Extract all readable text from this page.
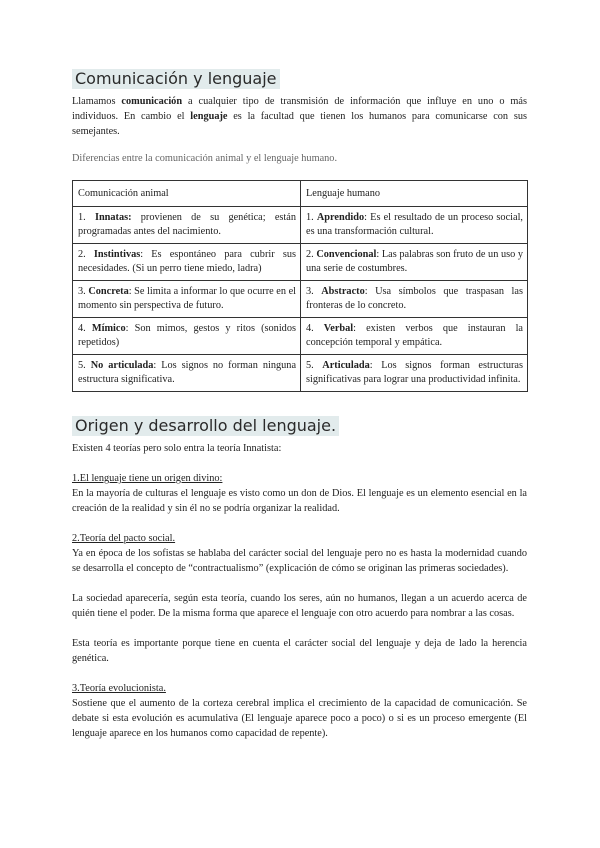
Comunicación y lenguaje

Llamamos comunicación a cualquier tipo de transmisión de información que influye en uno o más individuos. En cambio el lenguaje es la facultad que tienen los humanos para comunicarse con sus semejantes.

Diferencias entre la comunicación animal y el lenguaje humano.

Comunicación animal	Lenguaje humano
1. Innatas: provienen de su genética; están programadas antes del nacimiento.	1. Aprendido: Es el resultado de un proceso social, es una transformación cultural.
2. Instintivas: Es espontáneo para cubrir sus necesidades. (Si un perro tiene miedo, ladra)	2. Convencional: Las palabras son fruto de un uso y una serie de costumbres.
3. Concreta: Se limita a informar lo que ocurre en el momento sin perspectiva de futuro.	3. Abstracto: Usa símbolos que traspasan las fronteras de lo concreto.
4. Mímico: Son mimos, gestos y ritos (sonidos repetidos)	4. Verbal: existen verbos que instauran la concepción temporal y empática.
5. No articulada: Los signos no forman ninguna estructura significativa.	5. Articulada: Los signos forman estructuras significativas para lograr una productividad infinita.
Origen y desarrollo del lenguaje.

Existen 4 teorías pero solo entra la teoría Innatista:

1.El lenguaje tiene un origen divino:

En la mayoría de culturas el lenguaje es visto como un don de Dios. El lenguaje es un elemento esencial en la creación de la realidad y sin él no se podría organizar la realidad.

2.Teoría del pacto social.

Ya en época de los sofistas se hablaba del carácter social del lenguaje pero no es hasta la modernidad cuando se desarrolla el concepto de “contractualismo” (explicación de cómo se originan las primeras sociedades).

La sociedad aparecería, según esta teoría, cuando los seres, aún no humanos, llegan a un acuerdo acerca de quién tiene el poder. De la misma forma que aparece el lenguaje con otro acuerdo para nombrar a las cosas.

Esta teoría es importante porque tiene en cuenta el carácter social del lenguaje y deja de lado la herencia genética.

3.Teoría evolucionista.

Sostiene que el aumento de la corteza cerebral implica el crecimiento de la capacidad de comunicación. Se debate si esta evolución es acumulativa (El lenguaje aparece poco a poco) o si es un proceso emergente (El lenguaje aparece en los humanos como capacidad de repente).
